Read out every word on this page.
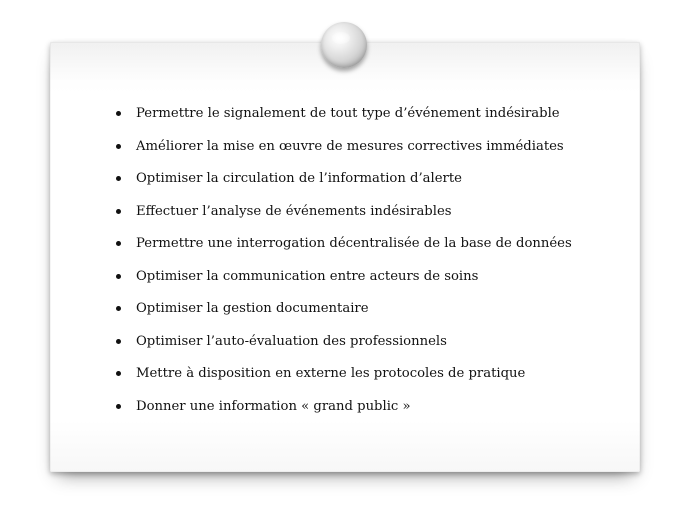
Permettre le signalement de tout type d’événement indésirable
Améliorer la mise en œuvre de mesures correctives immédiates
Optimiser la circulation de l’information d’alerte
Effectuer l’analyse de événements indésirables
Permettre une interrogation décentralisée de la base de données
Optimiser la communication entre acteurs de soins
Optimiser la gestion documentaire
Optimiser l’auto-évaluation des professionnels
Mettre à disposition en externe les protocoles de pratique
Donner une information « grand public »
